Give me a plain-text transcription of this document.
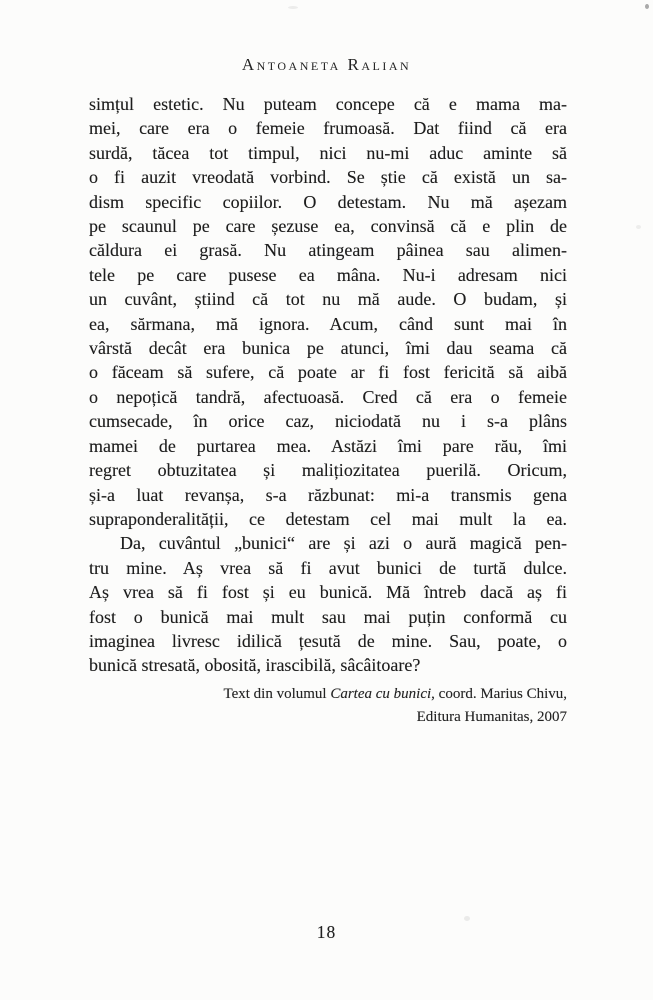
Antoaneta Ralian
simțul estetic. Nu puteam concepe că e mama ma-
mei, care era o femeie frumoasă. Dat fiind că era
surdă, tăcea tot timpul, nici nu-mi aduc aminte să
o fi auzit vreodată vorbind. Se știe că există un sa-
dism specific copiilor. O detestam. Nu mă așezam
pe scaunul pe care șezuse ea, convinsă că e plin de
căldura ei grasă. Nu atingeam pâinea sau alimen-
tele pe care pusese ea mâna. Nu-i adresam nici
un cuvânt, știind că tot nu mă aude. O budam, și
ea, sărmana, mă ignora. Acum, când sunt mai în
vârstă decât era bunica pe atunci, îmi dau seama că
o făceam să sufere, că poate ar fi fost fericită să aibă
o nepoțică tandră, afectuoasă. Cred că era o femeie
cumsecade, în orice caz, niciodată nu i s-a plâns
mamei de purtarea mea. Astăzi îmi pare rău, îmi
regret obtuzitatea și malițiozitatea puerilă. Oricum,
și-a luat revanșa, s-a răzbunat: mi-a transmis gena
supraponderalității, ce detestam cel mai mult la ea.
Da, cuvântul „bunici“ are și azi o aură magică pen-
tru mine. Aș vrea să fi avut bunici de turtă dulce.
Aș vrea să fi fost și eu bunică. Mă întreb dacă aș fi
fost o bunică mai mult sau mai puțin conformă cu
imaginea livresc idilică țesută de mine. Sau, poate, o
bunică stresată, obosită, irascibilă, sâcâitoare?
Text din volumul Cartea cu bunici, coord. Marius Chivu,
Editura Humanitas, 2007
18
